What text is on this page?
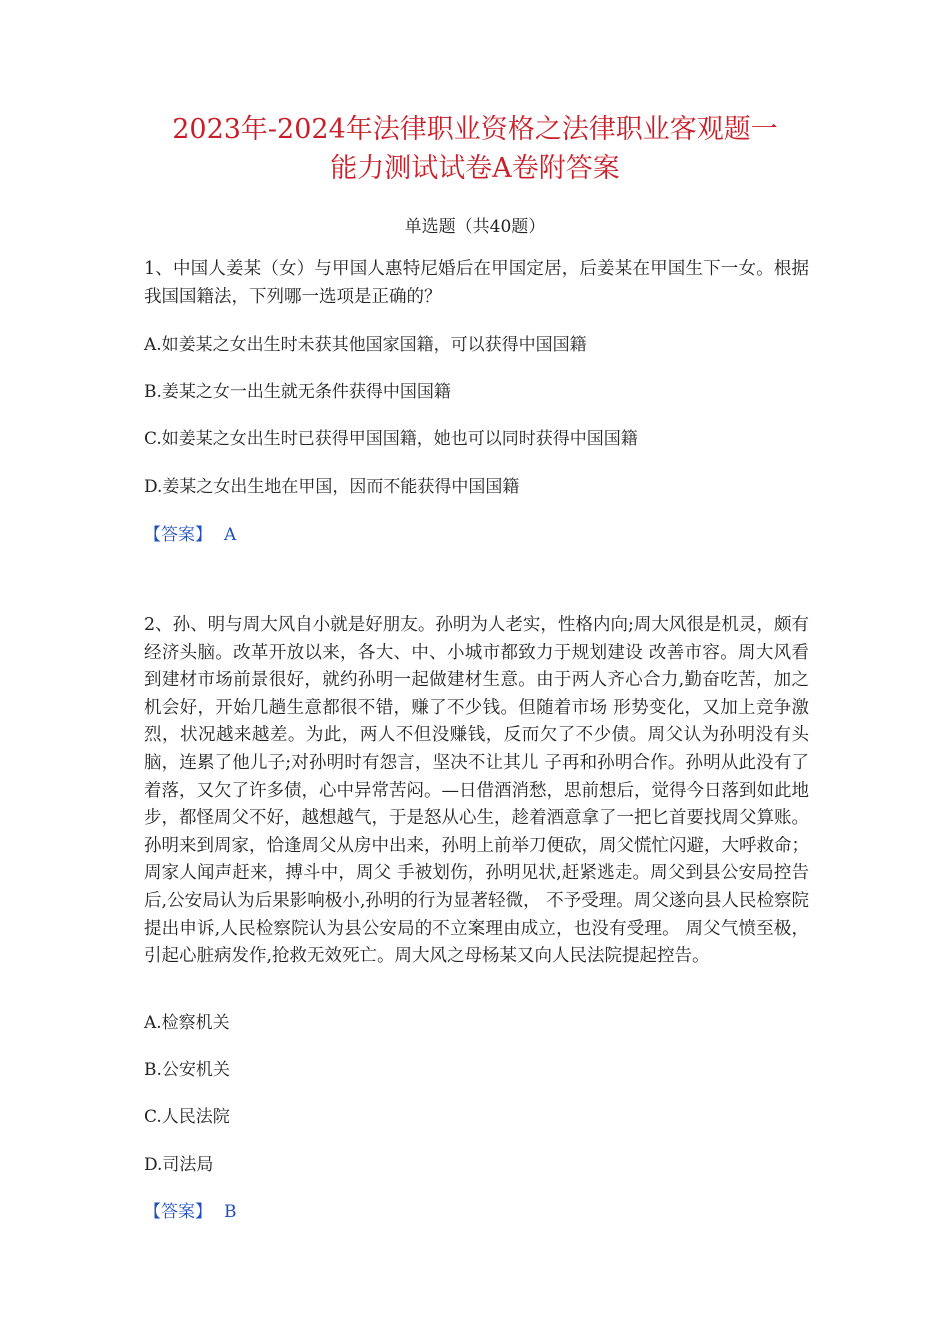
2023年-2024年法律职业资格之法律职业客观题一
能力测试试卷A卷附答案
单选题（共40题）
1、中国人姜某（女）与甲国人惠特尼婚后在甲国定居，后姜某在甲国生下一女。根据我国国籍法，下列哪一选项是正确的？
A.如姜某之女出生时未获其他国家国籍，可以获得中国国籍
B.姜某之女一出生就无条件获得中国国籍
C.如姜某之女出生时已获得甲国国籍，她也可以同时获得中国国籍
D.姜某之女出生地在甲国，因而不能获得中国国籍
【答案】 A
2、孙、明与周大风自小就是好朋友。孙明为人老实，性格内向;周大风很是机灵，颇有经济头脑。改革开放以来，各大、中、小城市都致力于规划建设 改善市容。周大风看到建材市场前景很好，就约孙明一起做建材生意。由于两人齐心合力,勤奋吃苦，加之机会好，开始几趟生意都很不错，赚了不少钱。但随着市场 形势变化，又加上竞争激烈，状况越来越差。为此，两人不但没赚钱，反而欠了不少债。周父认为孙明没有头脑，连累了他儿子;对孙明时有怨言，坚决不让其儿 子再和孙明合作。孙明从此没有了着落，又欠了许多债，心中异常苦闷。—日借酒消愁，思前想后，觉得今日落到如此地步，都怪周父不好，越想越气，于是怒从心生，趁着酒意拿了一把匕首要找周父算账。孙明来到周家，恰逢周父从房中出来，孙明上前举刀便砍，周父慌忙闪避，大呼救命；周家人闻声赶来，搏斗中，周父 手被划伤，孙明见状,赶紧逃走。周父到县公安局控告 后,公安局认为后果影响极小,孙明的行为显著轻微， 不予受理。周父遂向县人民检察院提出申诉,人民检察院认为县公安局的不立案理由成立，也没有受理。 周父气愤至极，引起心脏病发作,抢救无效死亡。周大风之母杨某又向人民法院提起控告。
A.检察机关
B.公安机关
C.人民法院
D.司法局
【答案】 B
